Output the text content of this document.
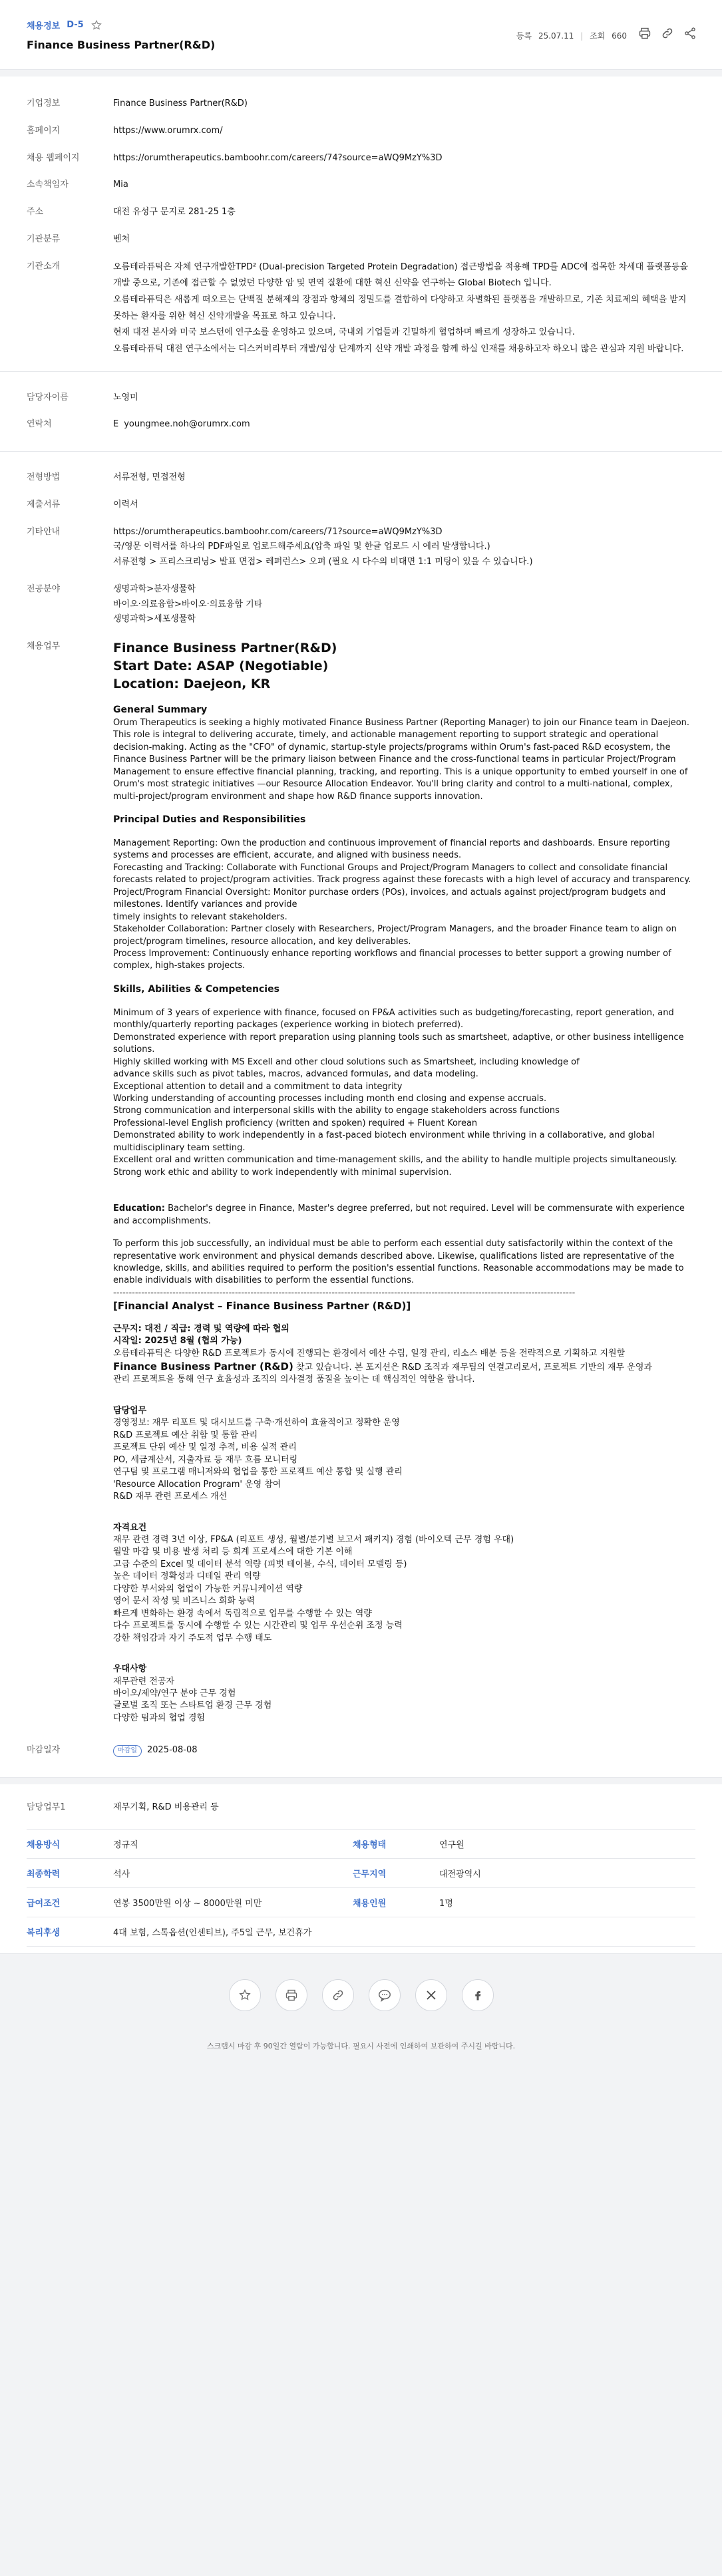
채용정보 D-5
Finance Business Partner(R&D)
등록 25.07.11 | 조회 660
기업정보	Finance Business Partner(R&D)
홈페이지	https://www.orumrx.com/
채용 웹페이지	https://orumtherapeutics.bamboohr.com/careers/74?source=aWQ9MzY%3D
소속책임자	Mia
주소	대전 유성구 문지로 281-25 1층
기관분류	벤처
기관소개	오름테라퓨틱은 자체 연구개발한TPD² (Dual-precision Targeted Protein Degradation) 접근방법을 적용해 TPD를 ADC에 접목한 차세대 플랫폼등을 개발 중으로, 기존에 접근할 수 없었던 다양한 암 및 면역 질환에 대한 혁신 신약을 연구하는 Global Biotech 입니다.

오름테라퓨틱은 새롭게 떠오르는 단백질 분해제의 장점과 항체의 정밀도를 결합하여 다양하고 차별화된 플랫폼을 개발하므로, 기존 치료제의 혜택을 받지 못하는 환자를 위한 혁신 신약개발을 목표로 하고 있습니다.

현재 대전 본사와 미국 보스턴에 연구소를 운영하고 있으며, 국내외 기업들과 긴밀하게 협업하며 빠르게 성장하고 있습니다.

오름테라퓨틱 대전 연구소에서는 디스커버리부터 개발/임상 단계까지 신약 개발 과정을 함께 하실 인재를 채용하고자 하오니 많은 관심과 지원 바랍니다.

담당자이름	노영미
연락처	E youngmee.noh@orumrx.com
전형방법	서류전형, 면접전형
제출서류	이력서
기타안내	https://orumtherapeutics.bamboohr.com/careers/71?source=aWQ9MzY%3D

국/영문 이력서를 하나의 PDF파일로 업로드해주세요(압축 파일 및 한글 업로드 시 에러 발생합니다.)

서류전형 > 프리스크리닝> 발표 면접> 레퍼런스> 오퍼 (필요 시 다수의 비대면 1:1 미팅이 있을 수 있습니다.)

전공분야	생명과학>분자생물학

바이오·의료융합>바이오·의료융합 기타

생명과학>세포생물학

채용업무	Finance Business Partner(R&D)
Start Date: ASAP (Negotiable)
Location: Daejeon, KR

General Summary

Orum Therapeutics is seeking a highly motivated Finance Business Partner (Reporting Manager) to join our Finance team in Daejeon. This role is integral to delivering accurate, timely, and actionable management reporting to support strategic and operational decision-making. Acting as the "CFO" of dynamic, startup-style projects/programs within Orum's fast-paced R&D ecosystem, the Finance Business Partner will be the primary liaison between Finance and the cross-functional teams in particular Project/Program Management to ensure effective financial planning, tracking, and reporting. This is a unique opportunity to embed yourself in one of Orum's most strategic initiatives —our Resource Allocation Endeavor. You'll bring clarity and control to a multi-national, complex, multi-project/program environment and shape how R&D finance supports innovation.

Principal Duties and Responsibilities

Management Reporting: Own the production and continuous improvement of financial reports and dashboards. Ensure reporting systems and processes are efficient, accurate, and aligned with business needs.

Forecasting and Tracking: Collaborate with Functional Groups and Project/Program Managers to collect and consolidate financial forecasts related to project/program activities. Track progress against these forecasts with a high level of accuracy and transparency.

Project/Program Financial Oversight: Monitor purchase orders (POs), invoices, and actuals against project/program budgets and milestones. Identify variances and provide

timely insights to relevant stakeholders.

Stakeholder Collaboration: Partner closely with Researchers, Project/Program Managers, and the broader Finance team to align on project/program timelines, resource allocation, and key deliverables.

Process Improvement: Continuously enhance reporting workflows and financial processes to better support a growing number of complex, high-stakes projects.

Skills, Abilities & Competencies

Minimum of 3 years of experience with finance, focused on FP&A activities such as budgeting/forecasting, report generation, and monthly/quarterly reporting packages (experience working in biotech preferred).

Demonstrated experience with report preparation using planning tools such as smartsheet, adaptive, or other business intelligence solutions.

Highly skilled working with MS Excell and other cloud solutions such as Smartsheet, including knowledge of

advance skills such as pivot tables, macros, advanced formulas, and data modeling.

Exceptional attention to detail and a commitment to data integrity

Working understanding of accounting processes including month end closing and expense accruals.

Strong communication and interpersonal skills with the ability to engage stakeholders across functions

Professional-level English proficiency (written and spoken) required + Fluent Korean

Demonstrated ability to work independently in a fast-paced biotech environment while thriving in a collaborative, and global multidisciplinary team setting.

Excellent oral and written communication and time-management skills, and the ability to handle multiple projects simultaneously.

Strong work ethic and ability to work independently with minimal supervision.

Education: Bachelor's degree in Finance, Master's degree preferred, but not required. Level will be commensurate with experience and accomplishments.

To perform this job successfully, an individual must be able to perform each essential duty satisfactorily within the context of the representative work environment and physical demands described above. Likewise, qualifications listed are representative of the knowledge, skills, and abilities required to perform the position's essential functions. Reasonable accommodations may be made to enable individuals with disabilities to perform the essential functions.

----------------------------------------------------------------------------------------------------------------------------------------------------

[Financial Analyst – Finance Business Partner (R&D)]

근무지: 대전 / 직급: 경력 및 역량에 따라 협의

시작일: 2025년 8월 (협의 가능)

오름테라퓨틱은 다양한 R&D 프로젝트가 동시에 진행되는 환경에서 예산 수립, 일정 관리, 리소스 배분 등을 전략적으로 기획하고 지원할
Finance Business Partner (R&D) 찾고 있습니다. 본 포지션은 R&D 조직과 재무팀의 연결고리로서, 프로젝트 기반의 재무 운영과
관리 프로젝트을 통해 연구 효율성과 조직의 의사결정 품질을 높이는 데 핵심적인 역할을 합니다.

담당업무

경영정보: 재무 리포트 및 대시보드를 구축·개선하여 효율적이고 정확한 운영

R&D 프로젝트 예산 취합 및 통합 관리

프로젝트 단위 예산 및 일정 추적, 비용 실적 관리

PO, 세금계산서, 지출자료 등 재무 흐름 모니터링

연구팀 및 프로그램 매니저와의 협업을 통한 프로젝트 예산 통합 및 실행 관리

'Resource Allocation Program' 운영 참여

R&D 재무 관련 프로세스 개선

자격요건

재무 관련 경력 3년 이상, FP&A (리포트 생성, 월별/분기별 보고서 패키지) 경험 (바이오텍 근무 경험 우대)

월말 마감 및 비용 발생 처리 등 회계 프로세스에 대한 기본 이해

고급 수준의 Excel 및 데이터 분석 역량 (피벗 테이블, 수식, 데이터 모델링 등)

높은 데이터 정확성과 디테일 관리 역량

다양한 부서와의 협업이 가능한 커뮤니케이션 역량

영어 문서 작성 및 비즈니스 회화 능력

빠르게 변화하는 환경 속에서 독립적으로 업무를 수행할 수 있는 역량

다수 프로젝트를 동시에 수행할 수 있는 시간관리 및 업무 우선순위 조정 능력

강한 책임감과 자기 주도적 업무 수행 태도

우대사항

재무관련 전공자

바이오/제약/연구 분야 근무 경험

글로벌 조직 또는 스타트업 환경 근무 경험

다양한 팀과의 협업 경험

마감일자	마감일 2025-08-08
담당업무1	재무기획, R&D 비용관리 등
채용방식	정규직	채용형태	연구원
최종학력	석사	근무지역	대전광역시
급여조건	연봉 3500만원 이상 ~ 8000만원 미만	채용인원	1명
복리후생	4대 보험, 스톡옵션(인센티브), 주5일 근무, 보건휴가
스크랩시 마감 후 90일간 열람이 가능합니다. 필요시 사전에 인쇄하여 보관하여 주시길 바랍니다.
